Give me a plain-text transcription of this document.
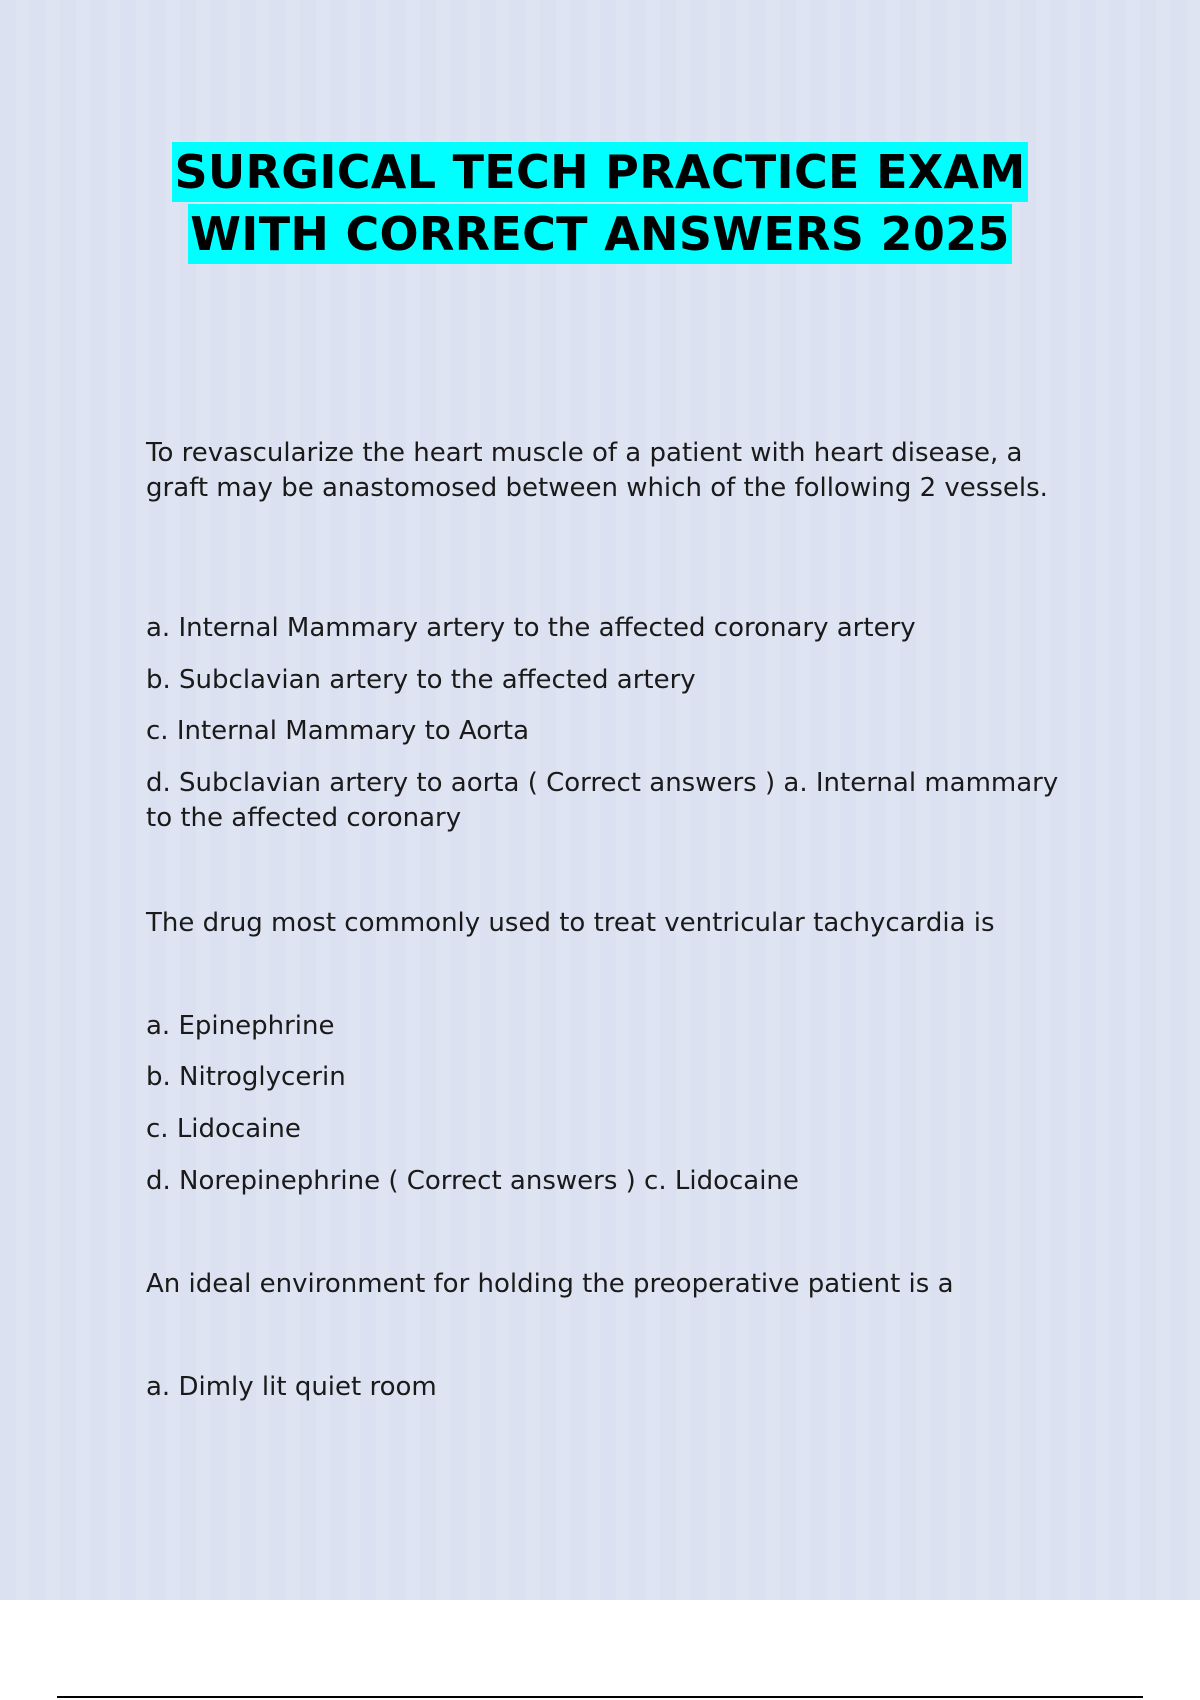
SURGICAL TECH PRACTICE EXAM
WITH CORRECT ANSWERS 2025

To revascularize the heart muscle of a patient with heart disease, a graft may be anastomosed between which of the following 2 vessels.

a. Internal Mammary artery to the affected coronary artery

b. Subclavian artery to the affected artery

c. Internal Mammary to Aorta

d. Subclavian artery to aorta ( Correct answers ) a. Internal mammary to the affected coronary

The drug most commonly used to treat ventricular tachycardia is

a. Epinephrine

b. Nitroglycerin

c. Lidocaine

d. Norepinephrine ( Correct answers ) c. Lidocaine

An ideal environment for holding the preoperative patient is a

a. Dimly lit quiet room
